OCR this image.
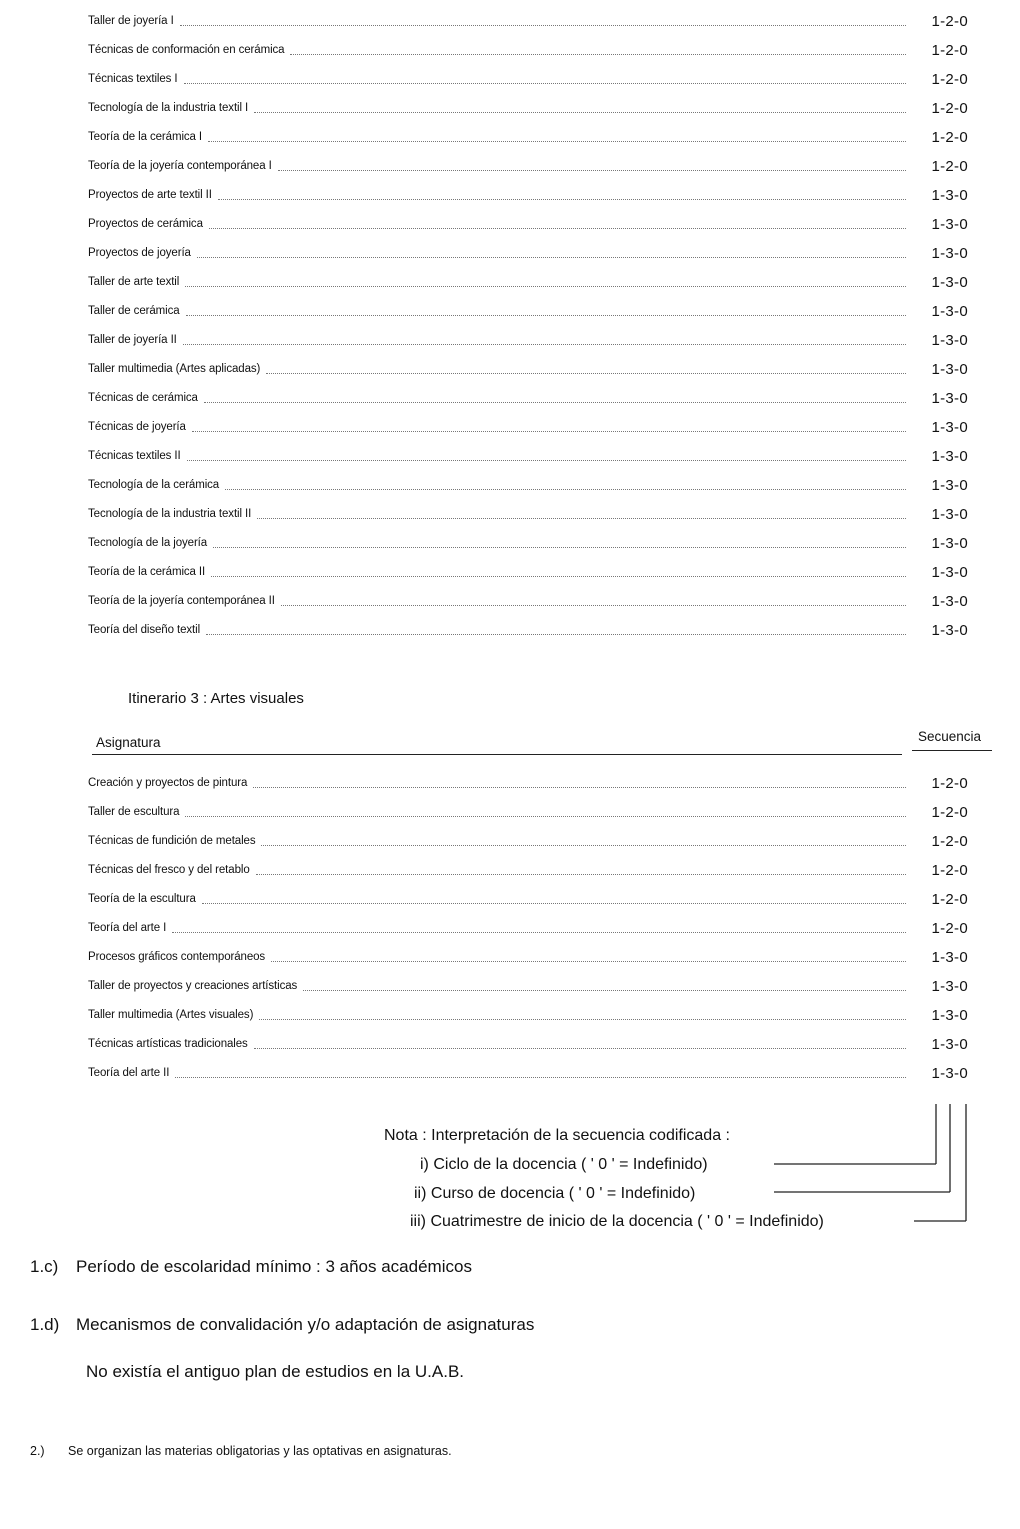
Taller de joyería I	1-2-0
Técnicas de conformación en cerámica	1-2-0
Técnicas textiles I	1-2-0
Tecnología de la industria textil I	1-2-0
Teoría de la cerámica I	1-2-0
Teoría de la joyería contemporánea I	1-2-0
Proyectos de arte textil II	1-3-0
Proyectos de cerámica	1-3-0
Proyectos de joyería	1-3-0
Taller de arte textil	1-3-0
Taller de cerámica	1-3-0
Taller de joyería II	1-3-0
Taller multimedia (Artes aplicadas)	1-3-0
Técnicas de cerámica	1-3-0
Técnicas de joyería	1-3-0
Técnicas textiles II	1-3-0
Tecnología de la cerámica	1-3-0
Tecnología de la industria textil II	1-3-0
Tecnología de la joyería	1-3-0
Teoría de la cerámica II	1-3-0
Teoría de la joyería contemporánea II	1-3-0
Teoría del diseño textil	1-3-0
Itinerario 3 : Artes visuales
Asignatura	Secuencia
Creación y proyectos de pintura	1-2-0
Taller de escultura	1-2-0
Técnicas de fundición de metales	1-2-0
Técnicas del fresco y del retablo	1-2-0
Teoría de la escultura	1-2-0
Teoría del arte I	1-2-0
Procesos gráficos contemporáneos	1-3-0
Taller de proyectos y creaciones artísticas	1-3-0
Taller multimedia (Artes visuales)	1-3-0
Técnicas artísticas tradicionales	1-3-0
Teoría del arte II	1-3-0
Nota : Interpretación de la secuencia codificada :
i) Ciclo de la docencia ( ' 0 ' = Indefinido)
ii) Curso de docencia ( ' 0 ' = Indefinido)
iii) Cuatrimestre de inicio de la docencia ( ' 0 ' = Indefinido)
1.c) Período de escolaridad mínimo : 3 años académicos
1.d) Mecanismos de convalidación y/o adaptación de asignaturas
No existía el antiguo plan de estudios en la U.A.B.
2.) Se organizan las materias obligatorias y las optativas en asignaturas.
